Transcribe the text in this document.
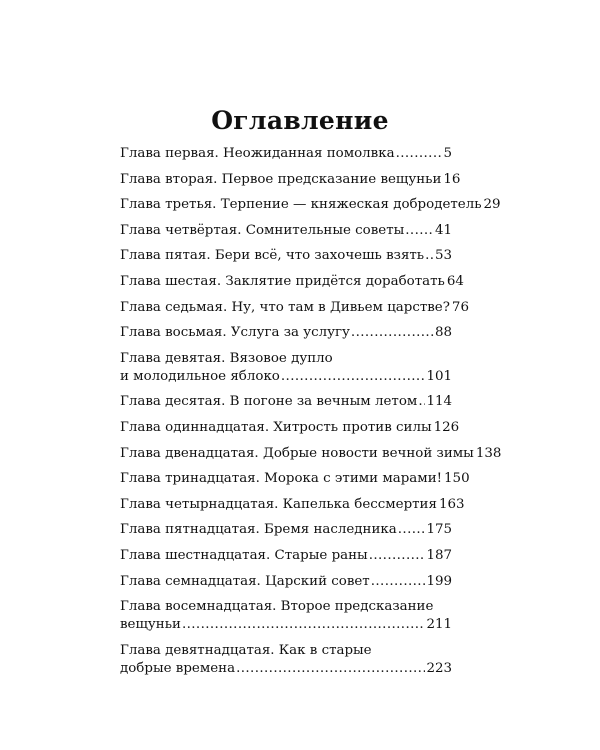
Оглавление
Глава первая. Неожиданная помолвка .....	5
Глава вторая. Первое предсказание вещуньи 16
Глава третья. Терпение — княжеская добродетель 29
Глава четвёртая. Сомнительные советы ..... 41
Глава пятая. Бери всё, что захочешь взять ..... 53
Глава шестая. Заклятие придётся доработать 64
Глава седьмая. Ну, что там в Дивьем царстве? 76
Глава восьмая. Услуга за услугу .....	88
Глава девятая. Вязовое дупло
и молодильное яблоко .....	101
Глава десятая. В погоне за вечным летом ..... 114
Глава одиннадцатая. Хитрость против силы 126
Глава двенадцатая. Добрые новости вечной зимы 138
Глава тринадцатая. Морока с этими марами! 150
Глава четырнадцатая. Капелька бессмертия 163
Глава пятнадцатая. Бремя наследника ..... 175
Глава шестнадцатая. Старые раны .....	187
Глава семнадцатая. Царский совет .....	199
Глава восемнадцатая. Второе предсказание
вещуньи .....	211
Глава девятнадцатая. Как в старые
добрые времена .....	223
